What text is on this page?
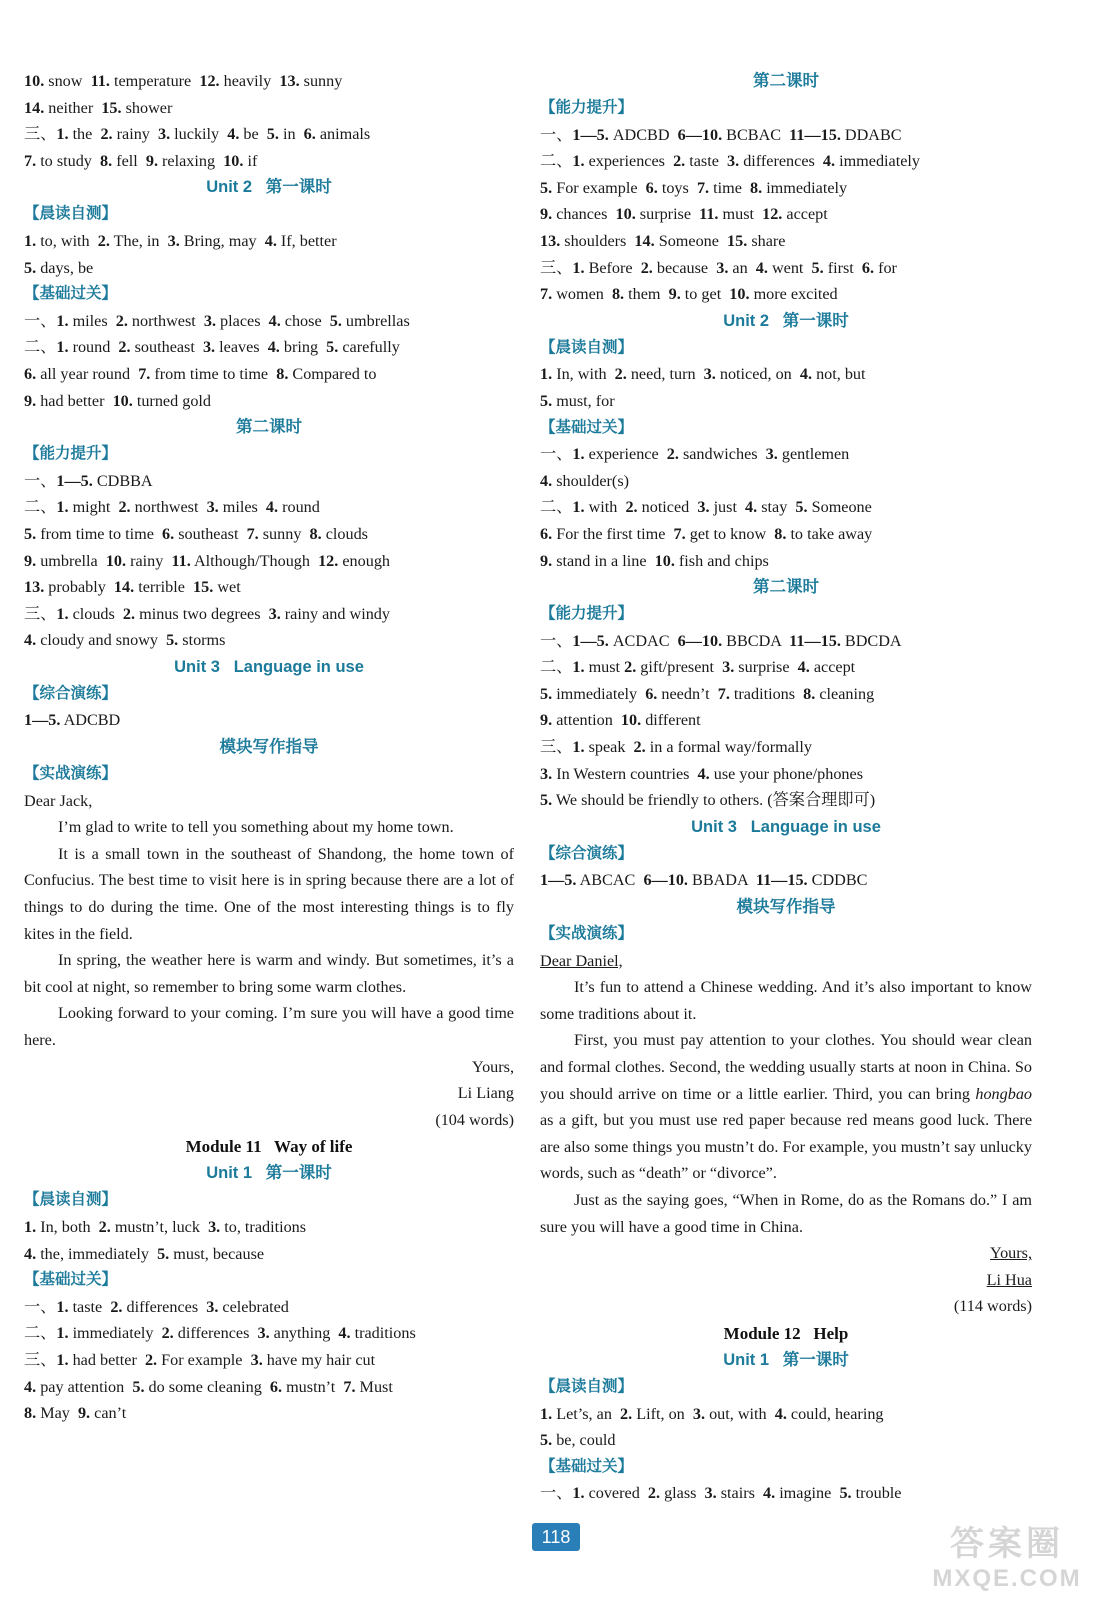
10. snow  11. temperature  12. heavily  13. sunny
14. neither  15. shower
三、1. the  2. rainy  3. luckily  4. be  5. in  6. animals
7. to study  8. fell  9. relaxing  10. if
Unit 2   第一课时
【晨读自测】
1. to, with  2. The, in  3. Bring, may  4. If, better
5. days, be
【基础过关】
一、1. miles  2. northwest  3. places  4. chose  5. umbrellas
二、1. round  2. southeast  3. leaves  4. bring  5. carefully
6. all year round  7. from time to time  8. Compared to
9. had better  10. turned gold
第二课时
【能力提升】
一、1—5. CDBBA
二、1. might  2. northwest  3. miles  4. round
5. from time to time  6. southeast  7. sunny  8. clouds
9. umbrella  10. rainy  11. Although/Though  12. enough
13. probably  14. terrible  15. wet
三、1. clouds  2. minus two degrees  3. rainy and windy
4. cloudy and snowy  5. storms
Unit 3   Language in use
【综合演练】
1—5. ADCBD
模块写作指导
【实战演练】
Dear Jack,
I’m glad to write to tell you something about my home town.
It is a small town in the southeast of Shandong, the home town of Confucius. The best time to visit here is in spring because there are a lot of things to do during the time. One of the most interesting things is to fly kites in the field.
In spring, the weather here is warm and windy. But sometimes, it’s a bit cool at night, so remember to bring some warm clothes.
Looking forward to your coming. I’m sure you will have a good time here.
Yours,
Li Liang
(104 words)
Module 11   Way of life
Unit 1   第一课时
【晨读自测】
1. In, both  2. mustn’t, luck  3. to, traditions
4. the, immediately  5. must, because
【基础过关】
一、1. taste  2. differences  3. celebrated
二、1. immediately  2. differences  3. anything  4. traditions
三、1. had better  2. For example  3. have my hair cut
4. pay attention  5. do some cleaning  6. mustn’t  7. Must
8. May  9. can’t
第二课时
【能力提升】
一、1—5. ADCBD  6—10. BCBAC  11—15. DDABC
二、1. experiences  2. taste  3. differences  4. immediately
5. For example  6. toys  7. time  8. immediately
9. chances  10. surprise  11. must  12. accept
13. shoulders  14. Someone  15. share
三、1. Before  2. because  3. an  4. went  5. first  6. for
7. women  8. them  9. to get  10. more excited
Unit 2   第一课时
【晨读自测】
1. In, with  2. need, turn  3. noticed, on  4. not, but
5. must, for
【基础过关】
一、1. experience  2. sandwiches  3. gentlemen
4. shoulder(s)
二、1. with  2. noticed  3. just  4. stay  5. Someone
6. For the first time  7. get to know  8. to take away
9. stand in a line  10. fish and chips
第二课时
【能力提升】
一、1—5. ACDAC  6—10. BBCDA  11—15. BDCDA
二、1. must 2. gift/present  3. surprise  4. accept
5. immediately  6. needn’t  7. traditions  8. cleaning
9. attention  10. different
三、1. speak  2. in a formal way/formally
3. In Western countries  4. use your phone/phones
5. We should be friendly to others. (答案合理即可)
Unit 3   Language in use
【综合演练】
1—5. ABCAC  6—10. BBADA  11—15. CDDBC
模块写作指导
【实战演练】
Dear Daniel,
It’s fun to attend a Chinese wedding. And it’s also important to know some traditions about it.
First, you must pay attention to your clothes. You should wear clean and formal clothes. Second, the wedding usually starts at noon in China. So you should arrive on time or a little earlier. Third, you can bring hongbao as a gift, but you must use red paper because red means good luck. There are also some things you mustn’t do. For example, you mustn’t say unlucky words, such as “death” or “divorce”.
Just as the saying goes, “When in Rome, do as the Romans do.” I am sure you will have a good time in China.
Yours,
Li Hua
(114 words)
Module 12   Help
Unit 1   第一课时
【晨读自测】
1. Let’s, an  2. Lift, on  3. out, with  4. could, hearing
5. be, could
【基础过关】
一、1. covered  2. glass  3. stairs  4. imagine  5. trouble
118	答案圈
MXQE.COM
